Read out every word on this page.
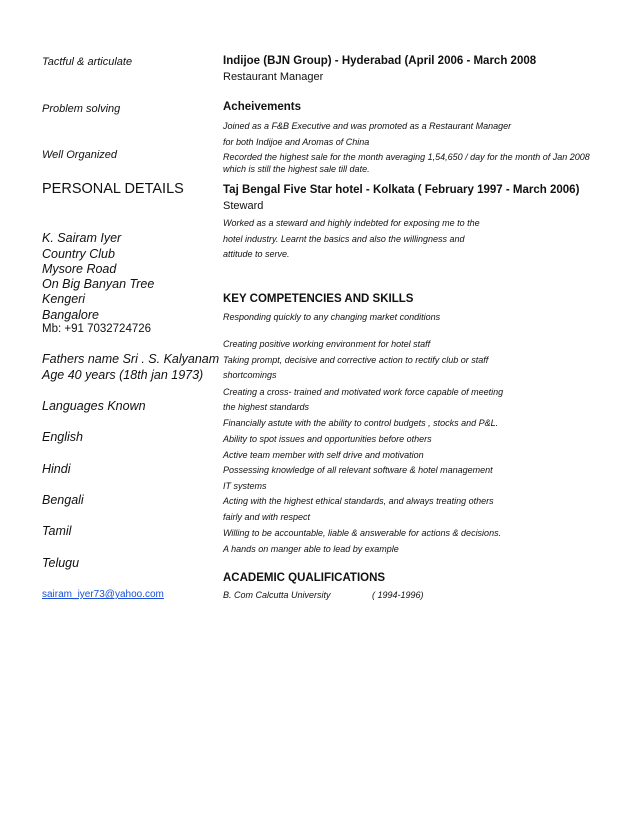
Tactful & articulate
Problem solving
Well Organized
PERSONAL DETAILS
K. Sairam Iyer
Country Club
Mysore Road
On Big Banyan Tree
Kengeri
Bangalore
Mb: +91 7032724726
Fathers name Sri . S. Kalyanam
Age 40 years (18th jan 1973)
Languages Known
English
Hindi
Bengali
Tamil
Telugu
sairam_iyer73@yahoo.com
Indijoe (BJN Group) - Hyderabad (April 2006 - March 2008
Restaurant Manager
Acheivements
Joined as a F&B Executive and was promoted as a Restaurant Manager
for both Indijoe and Aromas of China
Recorded the highest sale for the month averaging 1,54,650 / day for the month of Jan 2008
which is still the highest sale till date.
Taj Bengal Five Star hotel - Kolkata ( February 1997 - March 2006)
Steward
Worked as a steward and highly indebted for exposing me to the
hotel industry. Learnt the basics and also the willingness and
attitude to serve.
KEY COMPETENCIES AND SKILLS
Responding quickly to any changing market conditions
Creating positive working environment for hotel staff
Taking prompt, decisive and corrective action to rectify club or staff
shortcomings
Creating a cross- trained and motivated work force capable of meeting
the highest standards
Financially astute with the ability to control budgets , stocks and P&L.
Ability to spot issues and opportunities before others
Active team member with self drive and motivation
Possessing knowledge of all relevant software & hotel management
IT systems
Acting with the highest ethical standards, and always treating others
fairly and with respect
Willing to be accountable, liable & answerable for actions & decisions.
A hands on manger able to lead by example
ACADEMIC QUALIFICATIONS
B. Com Calcutta University	( 1994-1996)
